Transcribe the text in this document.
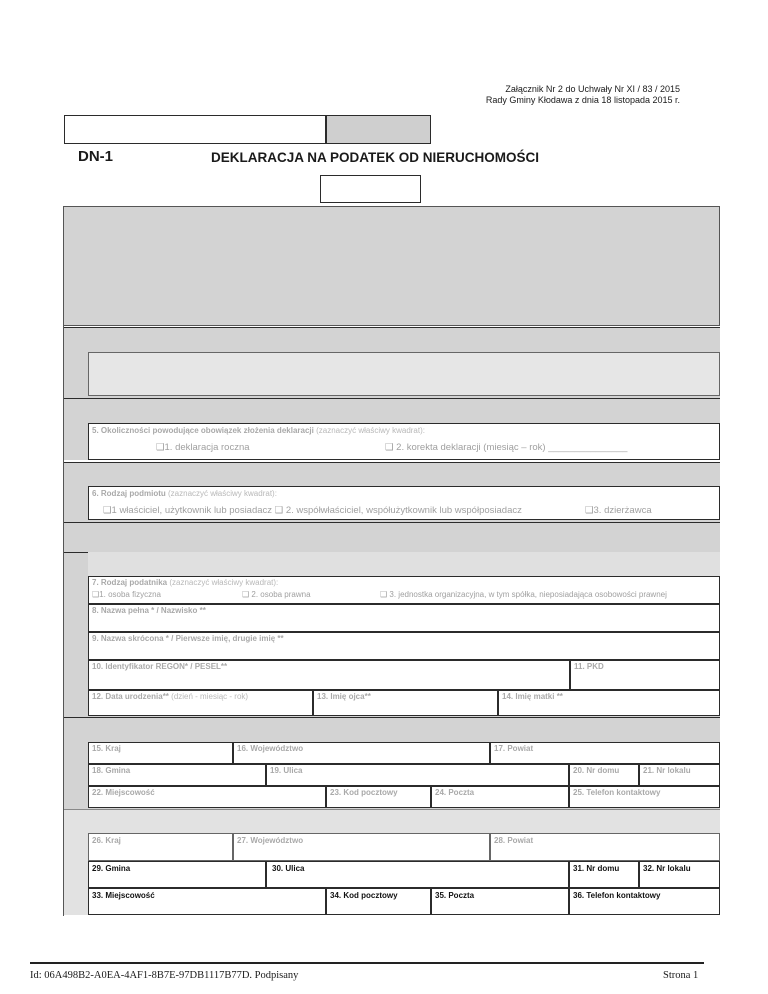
Załącznik Nr 2 do Uchwały Nr XI / 83 / 2015
Rady Gminy Kłodawa z dnia 18 listopada 2015 r.
DN-1	DEKLARACJA NA PODATEK OD NIERUCHOMOŚCI
5. Okoliczności powodujące obowiązek złożenia deklaracji (zaznaczyć właściwy kwadrat):
❑1. deklaracja roczna	❑ 2. korekta deklaracji (miesiąc – rok) _______________
6. Rodzaj podmiotu (zaznaczyć właściwy kwadrat):
❑1 właściciel, użytkownik lub posiadacz ❑ 2. współwłaściciel, współużytkownik lub współposiadacz	❑3. dzierżawca
7. Rodzaj podatnika (zaznaczyć właściwy kwadrat):
❑1. osoba fizyczna	❑ 2. osoba prawna	❑ 3. jednostka organizacyjna, w tym spółka, nieposiadająca osobowości prawnej
8. Nazwa pełna * / Nazwisko **
9. Nazwa skrócona * / Pierwsze imię, drugie imię **
10. Identyfikator REGON* / PESEL**	11. PKD
12. Data urodzenia** (dzień - miesiąc - rok)	13. Imię ojca**	14. Imię matki **
15. Kraj	16. Województwo	17. Powiat
18. Gmina	19. Ulica	20. Nr domu	21. Nr lokalu
22. Miejscowość	23. Kod pocztowy	24. Poczta	25. Telefon kontaktowy
26. Kraj	27. Województwo	28. Powiat
29. Gmina	30. Ulica	31. Nr domu	32. Nr lokalu
33. Miejscowość	34. Kod pocztowy	35. Poczta	36. Telefon kontaktowy
Id: 06A498B2-A0EA-4AF1-8B7E-97DB1117B77D. Podpisany	Strona 1
